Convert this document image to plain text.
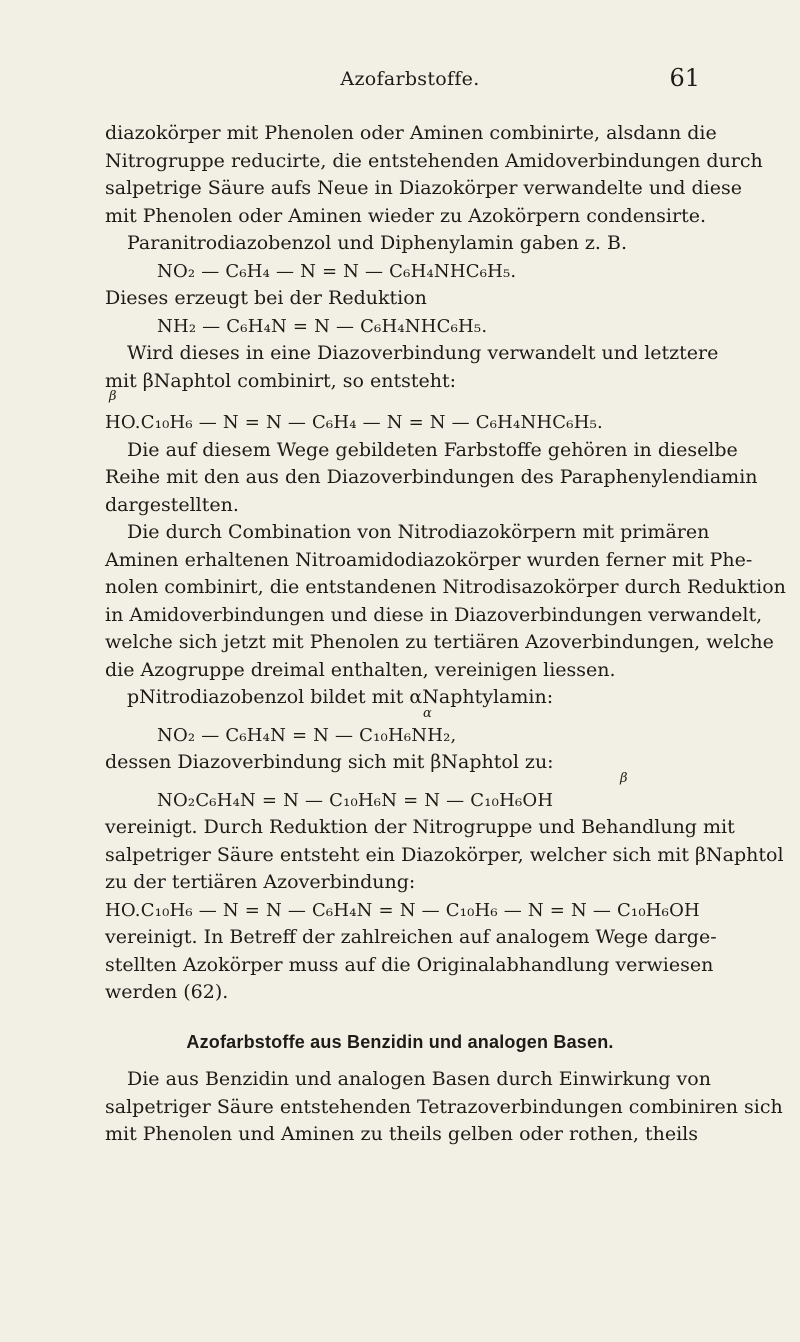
Azofarbstoffe.	61

diazokörper mit Phenolen oder Aminen combinirte, alsdann die
Nitrogruppe reducirte, die entstehenden Amidoverbindungen durch
salpetrige Säure aufs Neue in Diazokörper verwandelte und diese
mit Phenolen oder Aminen wieder zu Azokörpern condensirte.

Paranitrodiazobenzol und Diphenylamin gaben z. B.

NO₂ — C₆H₄ — N = N — C₆H₄NHC₆H₅.

Dieses erzeugt bei der Reduktion

NH₂ — C₆H₄N = N — C₆H₄NHC₆H₅.

Wird dieses in eine Diazoverbindung verwandelt und letztere
mit βNaphtol combinirt, so entsteht:

β
HO.C₁₀H₆ — N = N — C₆H₄ — N = N — C₆H₄NHC₆H₅.

Die auf diesem Wege gebildeten Farbstoffe gehören in dieselbe
Reihe mit den aus den Diazoverbindungen des Paraphenylendiamin
dargestellten.

Die durch Combination von Nitrodiazokörpern mit primären
Aminen erhaltenen Nitroamidodiazokörper wurden ferner mit Phe-
nolen combinirt, die entstandenen Nitrodisazokörper durch Reduktion
in Amidoverbindungen und diese in Diazoverbindungen verwandelt,
welche sich jetzt mit Phenolen zu tertiären Azoverbindungen, welche
die Azogruppe dreimal enthalten, vereinigen liessen.

pNitrodiazobenzol bildet mit αNaphtylamin:

α
NO₂ — C₆H₄N = N — C₁₀H₆NH₂,

dessen Diazoverbindung sich mit βNaphtol zu:

β
NO₂C₆H₄N = N — C₁₀H₆N = N — C₁₀H₆OH

vereinigt. Durch Reduktion der Nitrogruppe und Behandlung mit
salpetriger Säure entsteht ein Diazokörper, welcher sich mit βNaphtol
zu der tertiären Azoverbindung:

HO.C₁₀H₆ — N = N — C₆H₄N = N — C₁₀H₆ — N = N — C₁₀H₆OH

vereinigt. In Betreff der zahlreichen auf analogem Wege darge-
stellten Azokörper muss auf die Originalabhandlung verwiesen
werden (62).

Azofarbstoffe aus Benzidin und analogen Basen.

Die aus Benzidin und analogen Basen durch Einwirkung von
salpetriger Säure entstehenden Tetrazoverbindungen combiniren sich
mit Phenolen und Aminen zu theils gelben oder rothen, theils
